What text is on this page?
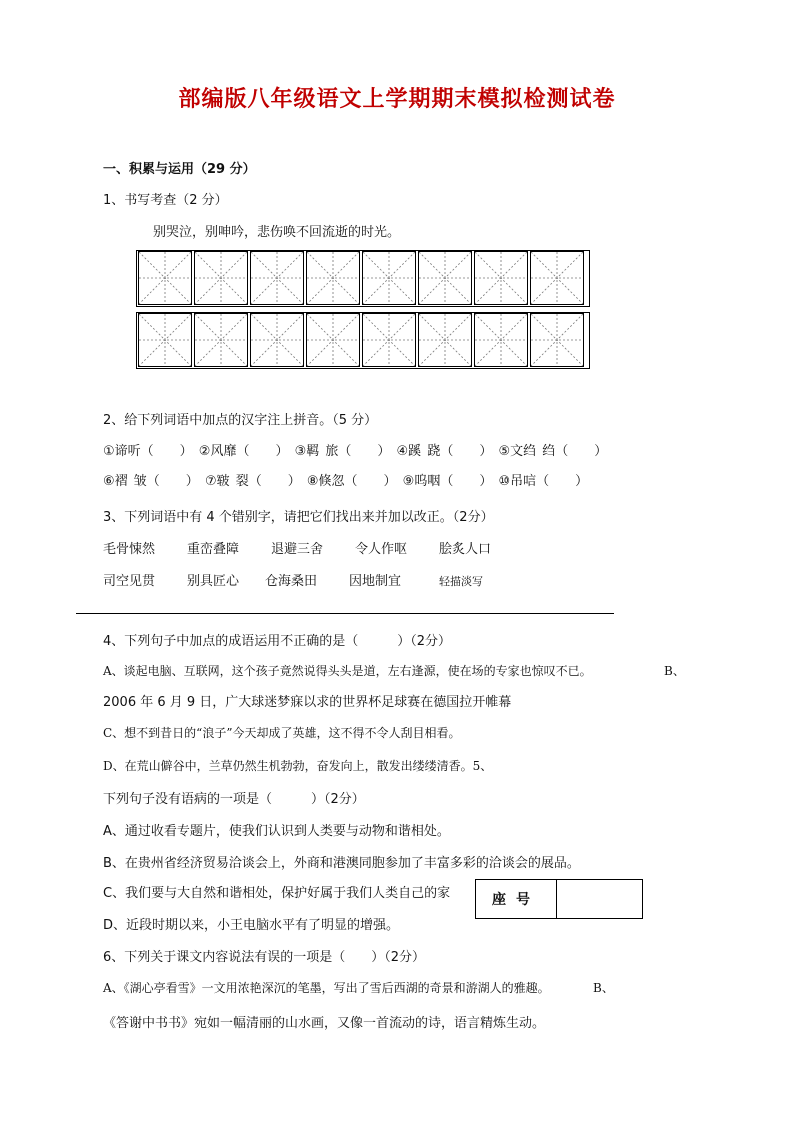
部编版八年级语文上学期期末模拟检测试卷
一、积累与运用（29 分）
1、书写考查（2 分）
别哭泣，别呻吟，悲伤唤不回流逝的时光。
2、给下列词语中加点的汉字注上拼音。（5 分）
①谛听（　　） ②风靡（　　） ③羁 旅（　　） ④蹊 跷（　　） ⑤文绉 绉（　　）
⑥褶 皱（　　） ⑦皲 裂（　　） ⑧倏忽（　　） ⑨呜咽（　　） ⑩吊唁（　　）
3、下列词语中有 4 个错别字，请把它们找出来并加以改正。（2分）
毛骨悚然 重峦叠障 退避三舍 令人作呕 脍炙人口
司空见贯 别具匠心 仓海桑田 因地制宜	轻描淡写
4、下列句子中加点的成语运用不正确的是（　　　）（2分）
A、谈起电脑、互联网，这个孩子竟然说得头头是道，左右逢源，使在场的专家也惊叹不已。	B、
2006 年 6 月 9 日，广大球迷梦寐以求的世界杯足球赛在德国拉开帷幕
C、想不到昔日的“浪子”今天却成了英雄，这不得不令人刮目相看。
D、在荒山僻谷中，兰草仍然生机勃勃，奋发向上，散发出缕缕清香。5、
下列句子没有语病的一项是（　　　）（2分）
A、通过收看专题片，使我们认识到人类要与动物和谐相处。
B、在贵州省经济贸易洽谈会上，外商和港澳同胞参加了丰富多彩的洽谈会的展品。
C、我们要与大自然和谐相处，保护好属于我们人类自己的家
D、近段时期以来，小王电脑水平有了明显的增强。
座号
6、下列关于课文内容说法有误的一项是（　　）（2分）
A、《湖心亭看雪》一文用浓艳深沉的笔墨，写出了雪后西湖的奇景和游湖人的雅趣。	B、
《答谢中书书》宛如一幅清丽的山水画，又像一首流动的诗，语言精炼生动。
